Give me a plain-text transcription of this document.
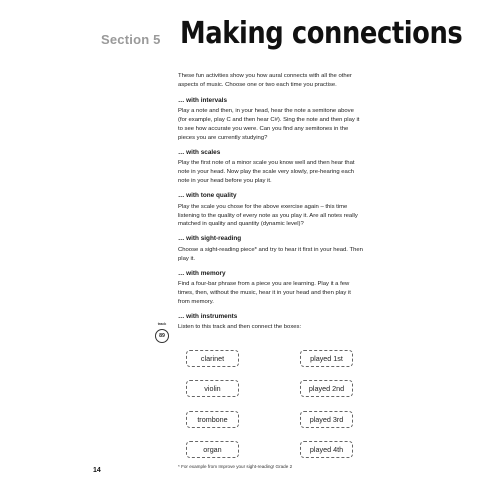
Section 5 Making connections

These fun activities show you how aural connects with all the other aspects of music. Choose one or two each time you practise.

… with intervals

Play a note and then, in your head, hear the note a semitone above (for example, play C and then hear C#). Sing the note and then play it to see how accurate you were. Can you find any semitones in the pieces you are currently studying?

… with scales

Play the first note of a minor scale you know well and then hear that note in your head. Now play the scale very slowly, pre-hearing each note in your head before you play it.

… with tone quality

Play the scale you chose for the above exercise again – this time listening to the quality of every note as you play it. Are all notes really matched in quality and quantity (dynamic level)?

… with sight-reading

Choose a sight-reading piece* and try to hear it first in your head. Then play it.

… with memory

Find a four-bar phrase from a piece you are learning. Play it a few times, then, without the music, hear it in your head and then play it from memory.

… with instruments

Listen to this track and then connect the boxes:

track
89
clarinet
violin
trombone
organ
played 1st
played 2nd
played 3rd
played 4th
* For example from Improve your sight-reading! Grade 2
14
